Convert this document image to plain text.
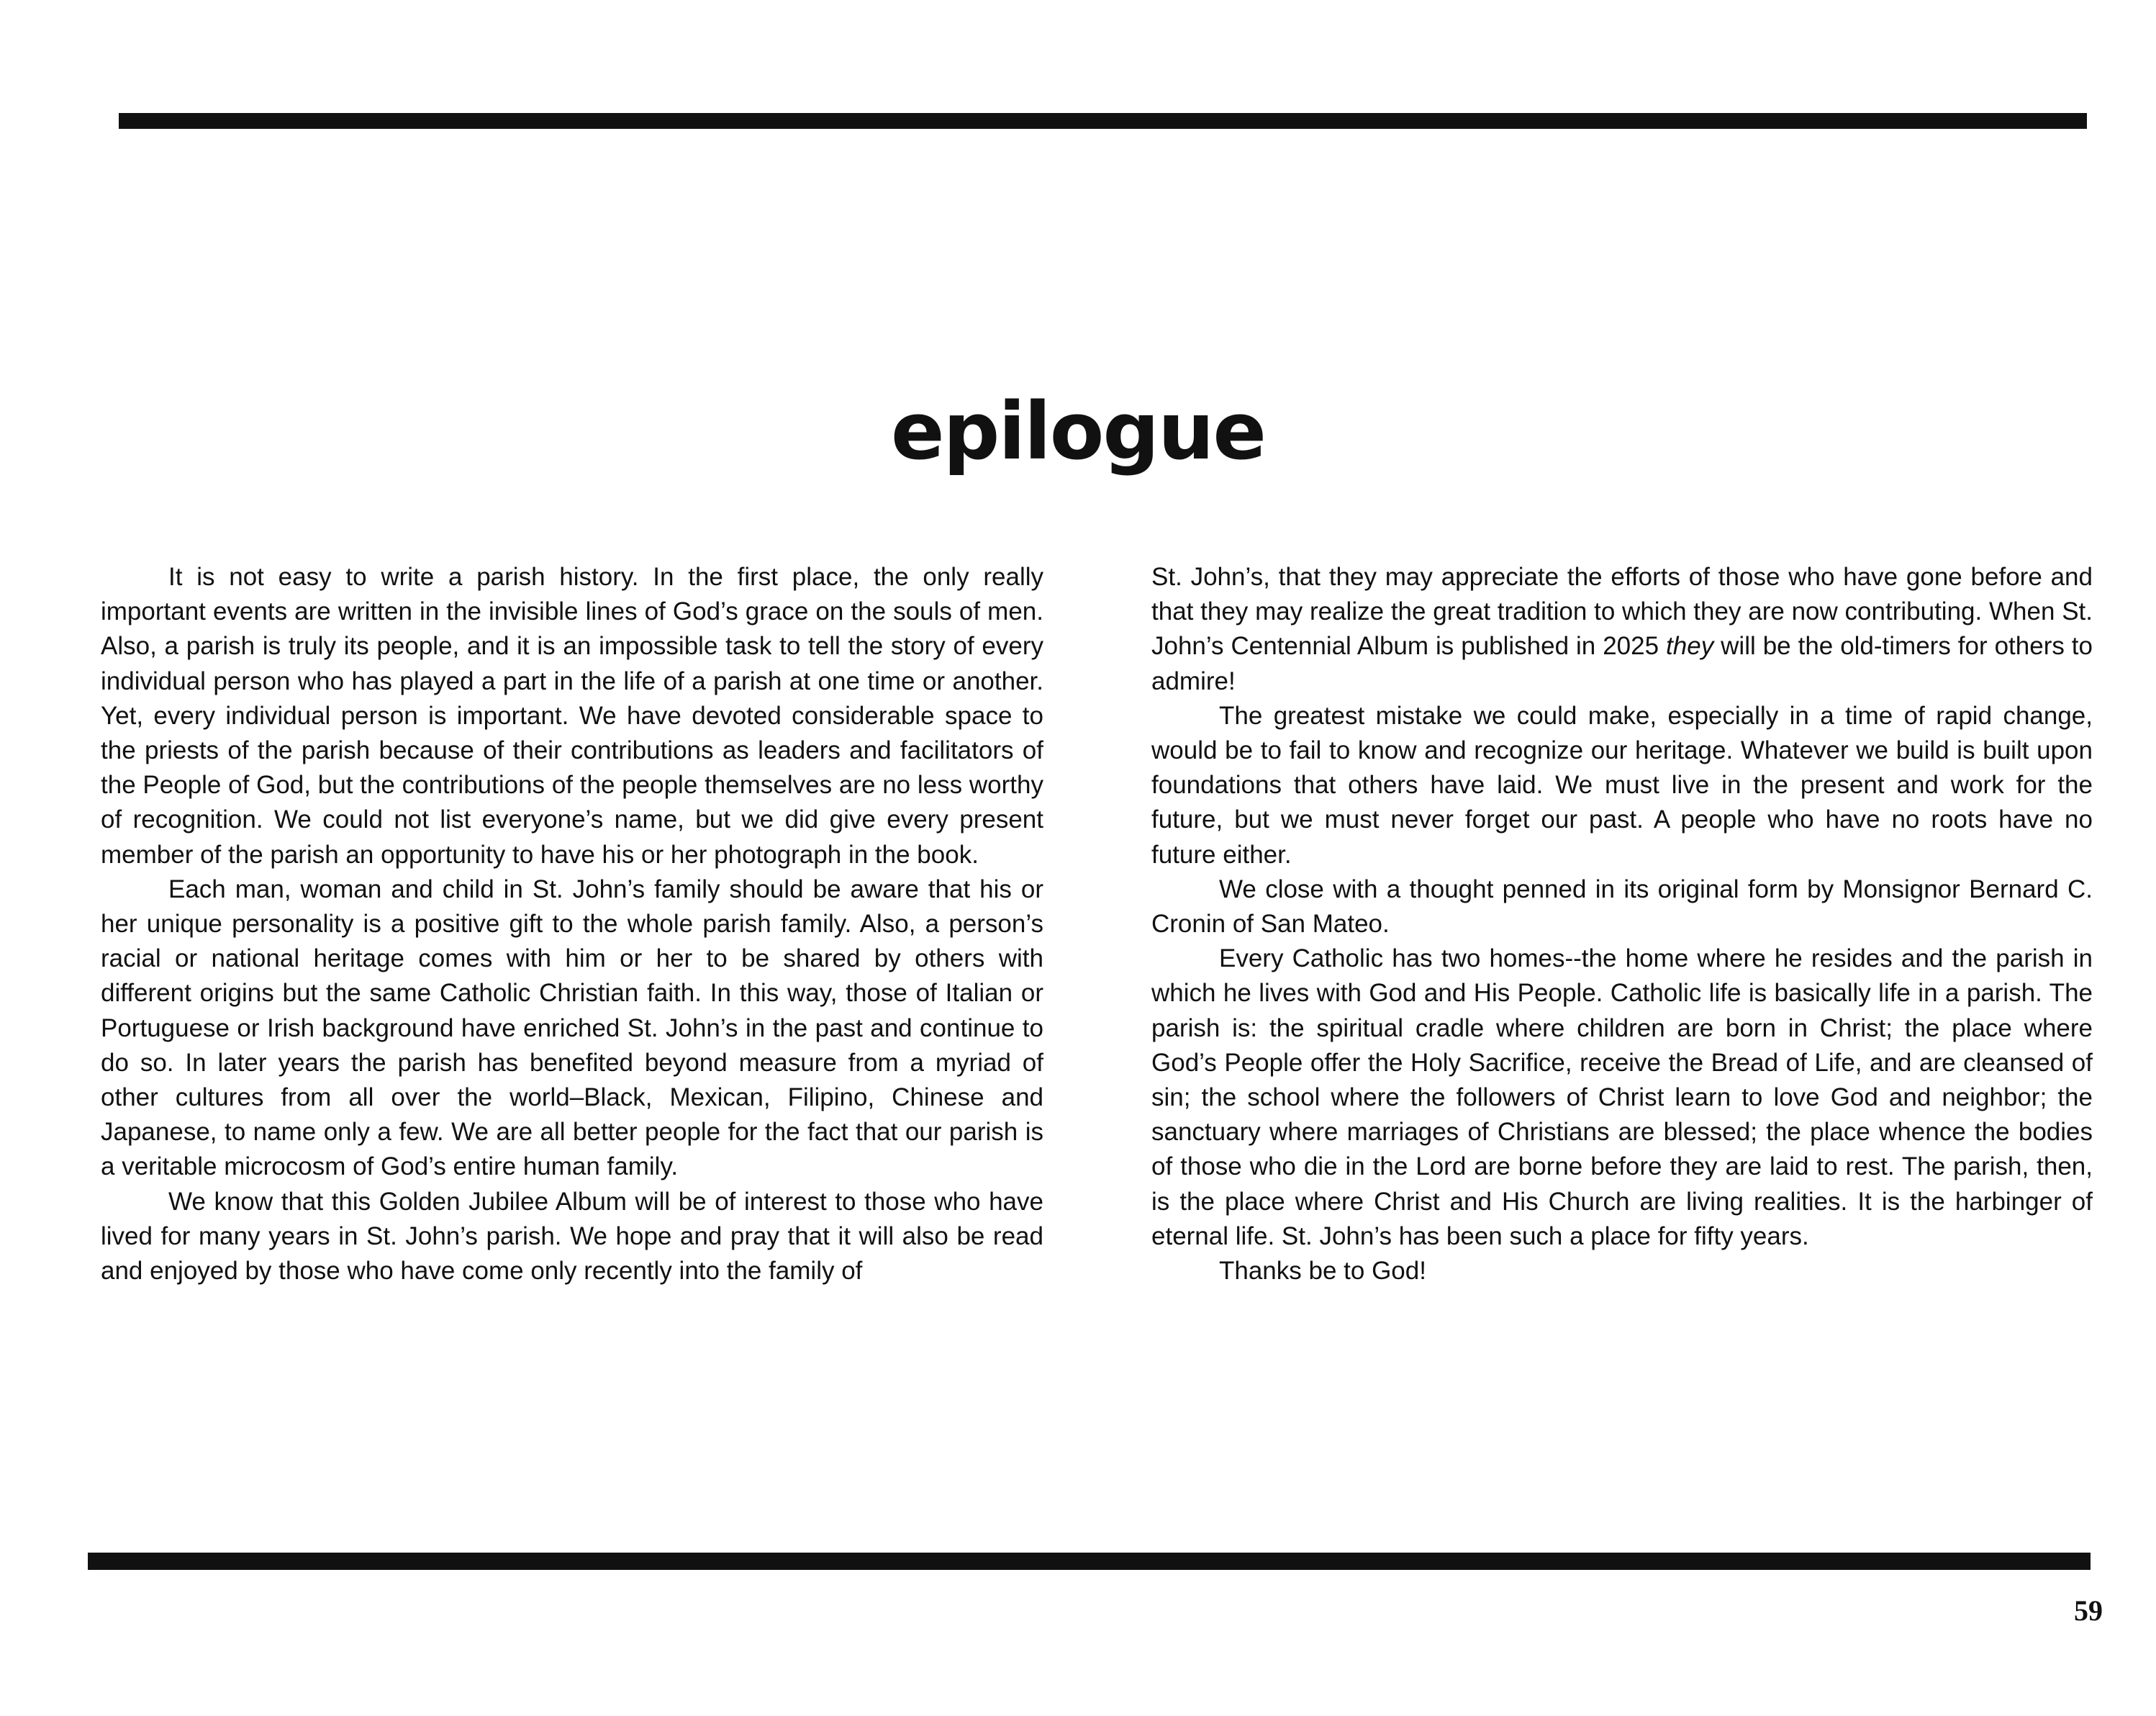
epilogue

It is not easy to write a parish history. In the first place, the only really important events are written in the invisible lines of God’s grace on the souls of men. Also, a parish is truly its people, and it is an impossible task to tell the story of every individual person who has played a part in the life of a parish at one time or another. Yet, every individual person is important. We have devoted considerable space to the priests of the parish because of their contributions as leaders and facilitators of the People of God, but the contributions of the people themselves are no less worthy of recognition. We could not list everyone’s name, but we did give every present member of the parish an opportunity to have his or her photograph in the book.

Each man, woman and child in St. John’s family should be aware that his or her unique personality is a positive gift to the whole parish family. Also, a person’s racial or national heritage comes with him or her to be shared by others with different origins but the same Catholic Christian faith. In this way, those of Italian or Portuguese or Irish background have enriched St. John’s in the past and continue to do so. In later years the parish has benefited beyond measure from a myriad of other cultures from all over the world–Black, Mexican, Filipino, Chinese and Japanese, to name only a few. We are all better people for the fact that our parish is a veritable microcosm of God’s entire human family.

We know that this Golden Jubilee Album will be of interest to those who have lived for many years in St. John’s parish. We hope and pray that it will also be read and enjoyed by those who have come only recently into the family of

St. John’s, that they may appreciate the efforts of those who have gone before and that they may realize the great tradition to which they are now contributing. When St. John’s Centennial Album is published in 2025 they will be the old-timers for others to admire!

The greatest mistake we could make, especially in a time of rapid change, would be to fail to know and recognize our heritage. Whatever we build is built upon foundations that others have laid. We must live in the present and work for the future, but we must never forget our past. A people who have no roots have no future either.

We close with a thought penned in its original form by Monsignor Bernard C. Cronin of San Mateo.

Every Catholic has two homes--the home where he resides and the parish in which he lives with God and His People. Catholic life is basically life in a parish. The parish is: the spiritual cradle where children are born in Christ; the place where God’s People offer the Holy Sacrifice, receive the Bread of Life, and are cleansed of sin; the school where the followers of Christ learn to love God and neighbor; the sanctuary where marriages of Christians are blessed; the place whence the bodies of those who die in the Lord are borne before they are laid to rest. The parish, then, is the place where Christ and His Church are living realities. It is the harbinger of eternal life. St. John’s has been such a place for fifty years.

Thanks be to God!

59
